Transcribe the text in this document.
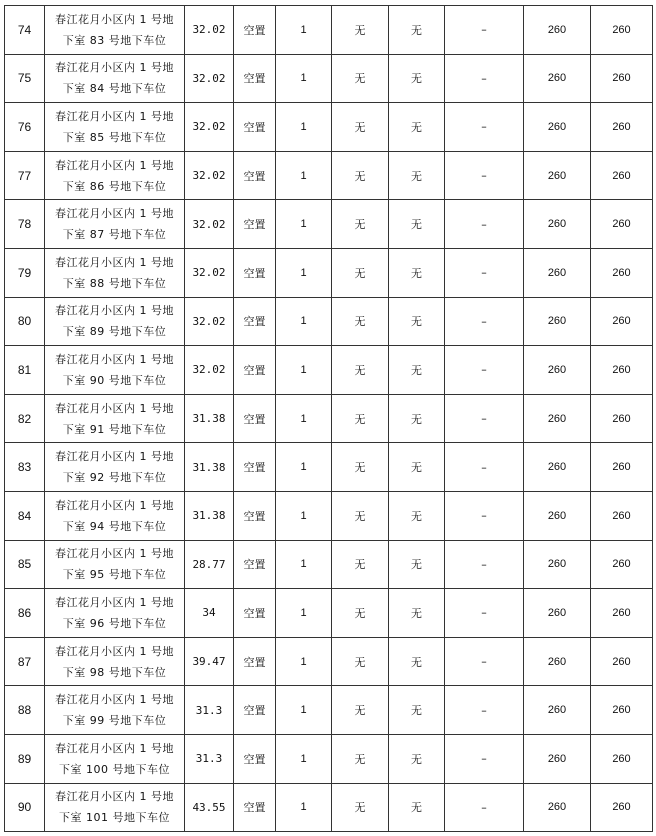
74	春江花月小区内 1 号地
下室 83 号地下车位	32.02	空置	1	无	无	–	260	260
75	春江花月小区内 1 号地
下室 84 号地下车位	32.02	空置	1	无	无	–	260	260
76	春江花月小区内 1 号地
下室 85 号地下车位	32.02	空置	1	无	无	–	260	260
77	春江花月小区内 1 号地
下室 86 号地下车位	32.02	空置	1	无	无	–	260	260
78	春江花月小区内 1 号地
下室 87 号地下车位	32.02	空置	1	无	无	–	260	260
79	春江花月小区内 1 号地
下室 88 号地下车位	32.02	空置	1	无	无	–	260	260
80	春江花月小区内 1 号地
下室 89 号地下车位	32.02	空置	1	无	无	–	260	260
81	春江花月小区内 1 号地
下室 90 号地下车位	32.02	空置	1	无	无	–	260	260
82	春江花月小区内 1 号地
下室 91 号地下车位	31.38	空置	1	无	无	–	260	260
83	春江花月小区内 1 号地
下室 92 号地下车位	31.38	空置	1	无	无	–	260	260
84	春江花月小区内 1 号地
下室 94 号地下车位	31.38	空置	1	无	无	–	260	260
85	春江花月小区内 1 号地
下室 95 号地下车位	28.77	空置	1	无	无	–	260	260
86	春江花月小区内 1 号地
下室 96 号地下车位	34	空置	1	无	无	–	260	260
87	春江花月小区内 1 号地
下室 98 号地下车位	39.47	空置	1	无	无	–	260	260
88	春江花月小区内 1 号地
下室 99 号地下车位	31.3	空置	1	无	无	–	260	260
89	春江花月小区内 1 号地
下室 100 号地下车位	31.3	空置	1	无	无	–	260	260
90	春江花月小区内 1 号地
下室 101 号地下车位	43.55	空置	1	无	无	–	260	260
